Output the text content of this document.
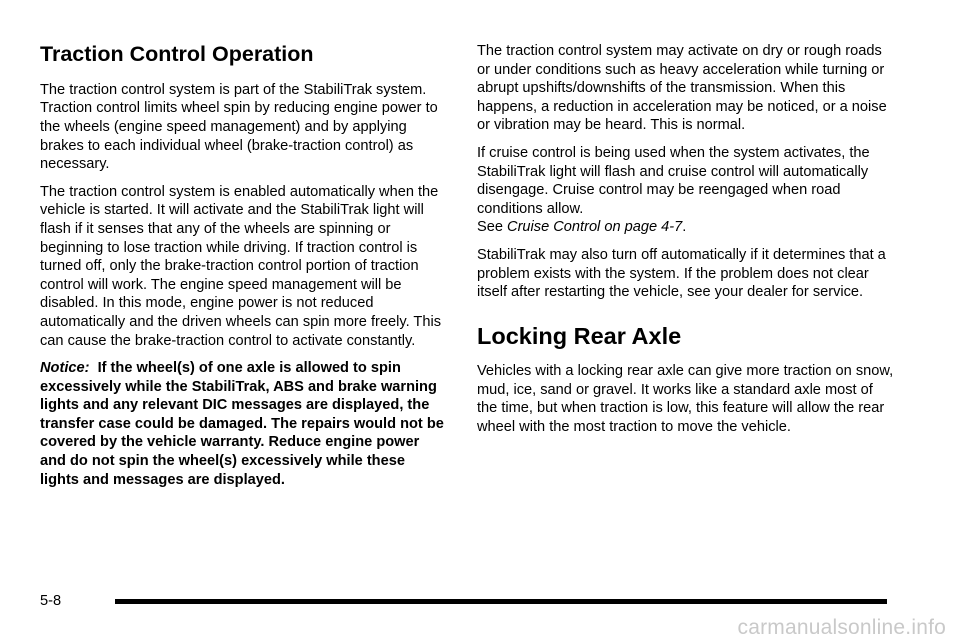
Traction Control Operation

The traction control system is part of the StabiliTrak system. Traction control limits wheel spin by reducing engine power to the wheels (engine speed management) and by applying brakes to each individual wheel (brake-traction control) as necessary.

The traction control system is enabled automatically when the vehicle is started. It will activate and the StabiliTrak light will flash if it senses that any of the wheels are spinning or beginning to lose traction while driving. If traction control is turned off, only the brake-traction control portion of traction control will work. The engine speed management will be disabled. In this mode, engine power is not reduced automatically and the driven wheels can spin more freely. This can cause the brake-traction control to activate constantly.

Notice: If the wheel(s) of one axle is allowed to spin excessively while the StabiliTrak, ABS and brake warning lights and any relevant DIC messages are displayed, the transfer case could be damaged. The repairs would not be covered by the vehicle warranty. Reduce engine power and do not spin the wheel(s) excessively while these lights and messages are displayed.

The traction control system may activate on dry or rough roads or under conditions such as heavy acceleration while turning or abrupt upshifts/downshifts of the transmission. When this happens, a reduction in acceleration may be noticed, or a noise or vibration may be heard. This is normal.

If cruise control is being used when the system activates, the StabiliTrak light will flash and cruise control will automatically disengage. Cruise control may be reengaged when road conditions allow.
See Cruise Control on page 4-7.

StabiliTrak may also turn off automatically if it determines that a problem exists with the system. If the problem does not clear itself after restarting the vehicle, see your dealer for service.

Locking Rear Axle

Vehicles with a locking rear axle can give more traction on snow, mud, ice, sand or gravel. It works like a standard axle most of the time, but when traction is low, this feature will allow the rear wheel with the most traction to move the vehicle.

5-8
carmanualsonline.info
